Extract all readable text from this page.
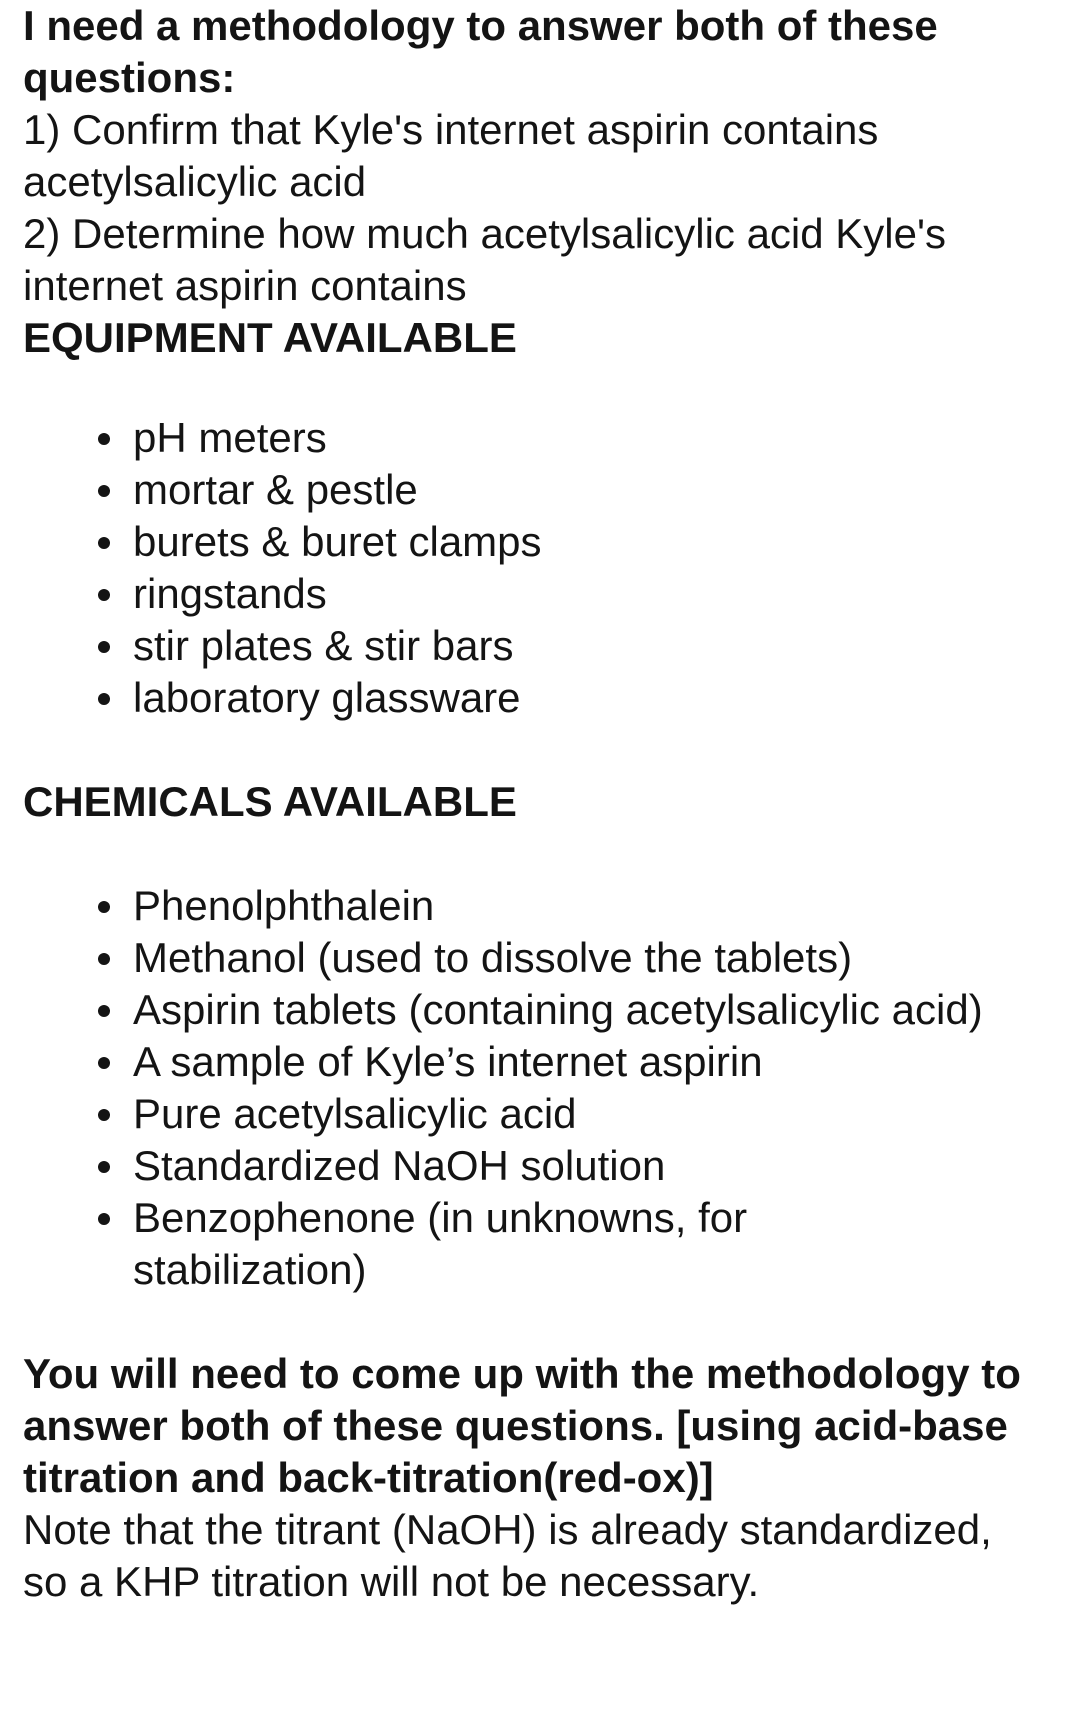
I need a methodology to answer both of these
questions:
1) Confirm that Kyle's internet aspirin contains
acetylsalicylic acid
2) Determine how much acetylsalicylic acid Kyle's
internet aspirin contains
EQUIPMENT AVAILABLE
pH meters
mortar & pestle
burets & buret clamps
ringstands
stir plates & stir bars
laboratory glassware
CHEMICALS AVAILABLE
Phenolphthalein
Methanol (used to dissolve the tablets)
Aspirin tablets (containing acetylsalicylic acid)
A sample of Kyle’s internet aspirin
Pure acetylsalicylic acid
Standardized NaOH solution
Benzophenone (in unknowns, for stabilization)
You will need to come up with the methodology to
answer both of these questions. [using acid-base
titration and back-titration(red-ox)]
Note that the titrant (NaOH) is already standardized,
so a KHP titration will not be necessary.
